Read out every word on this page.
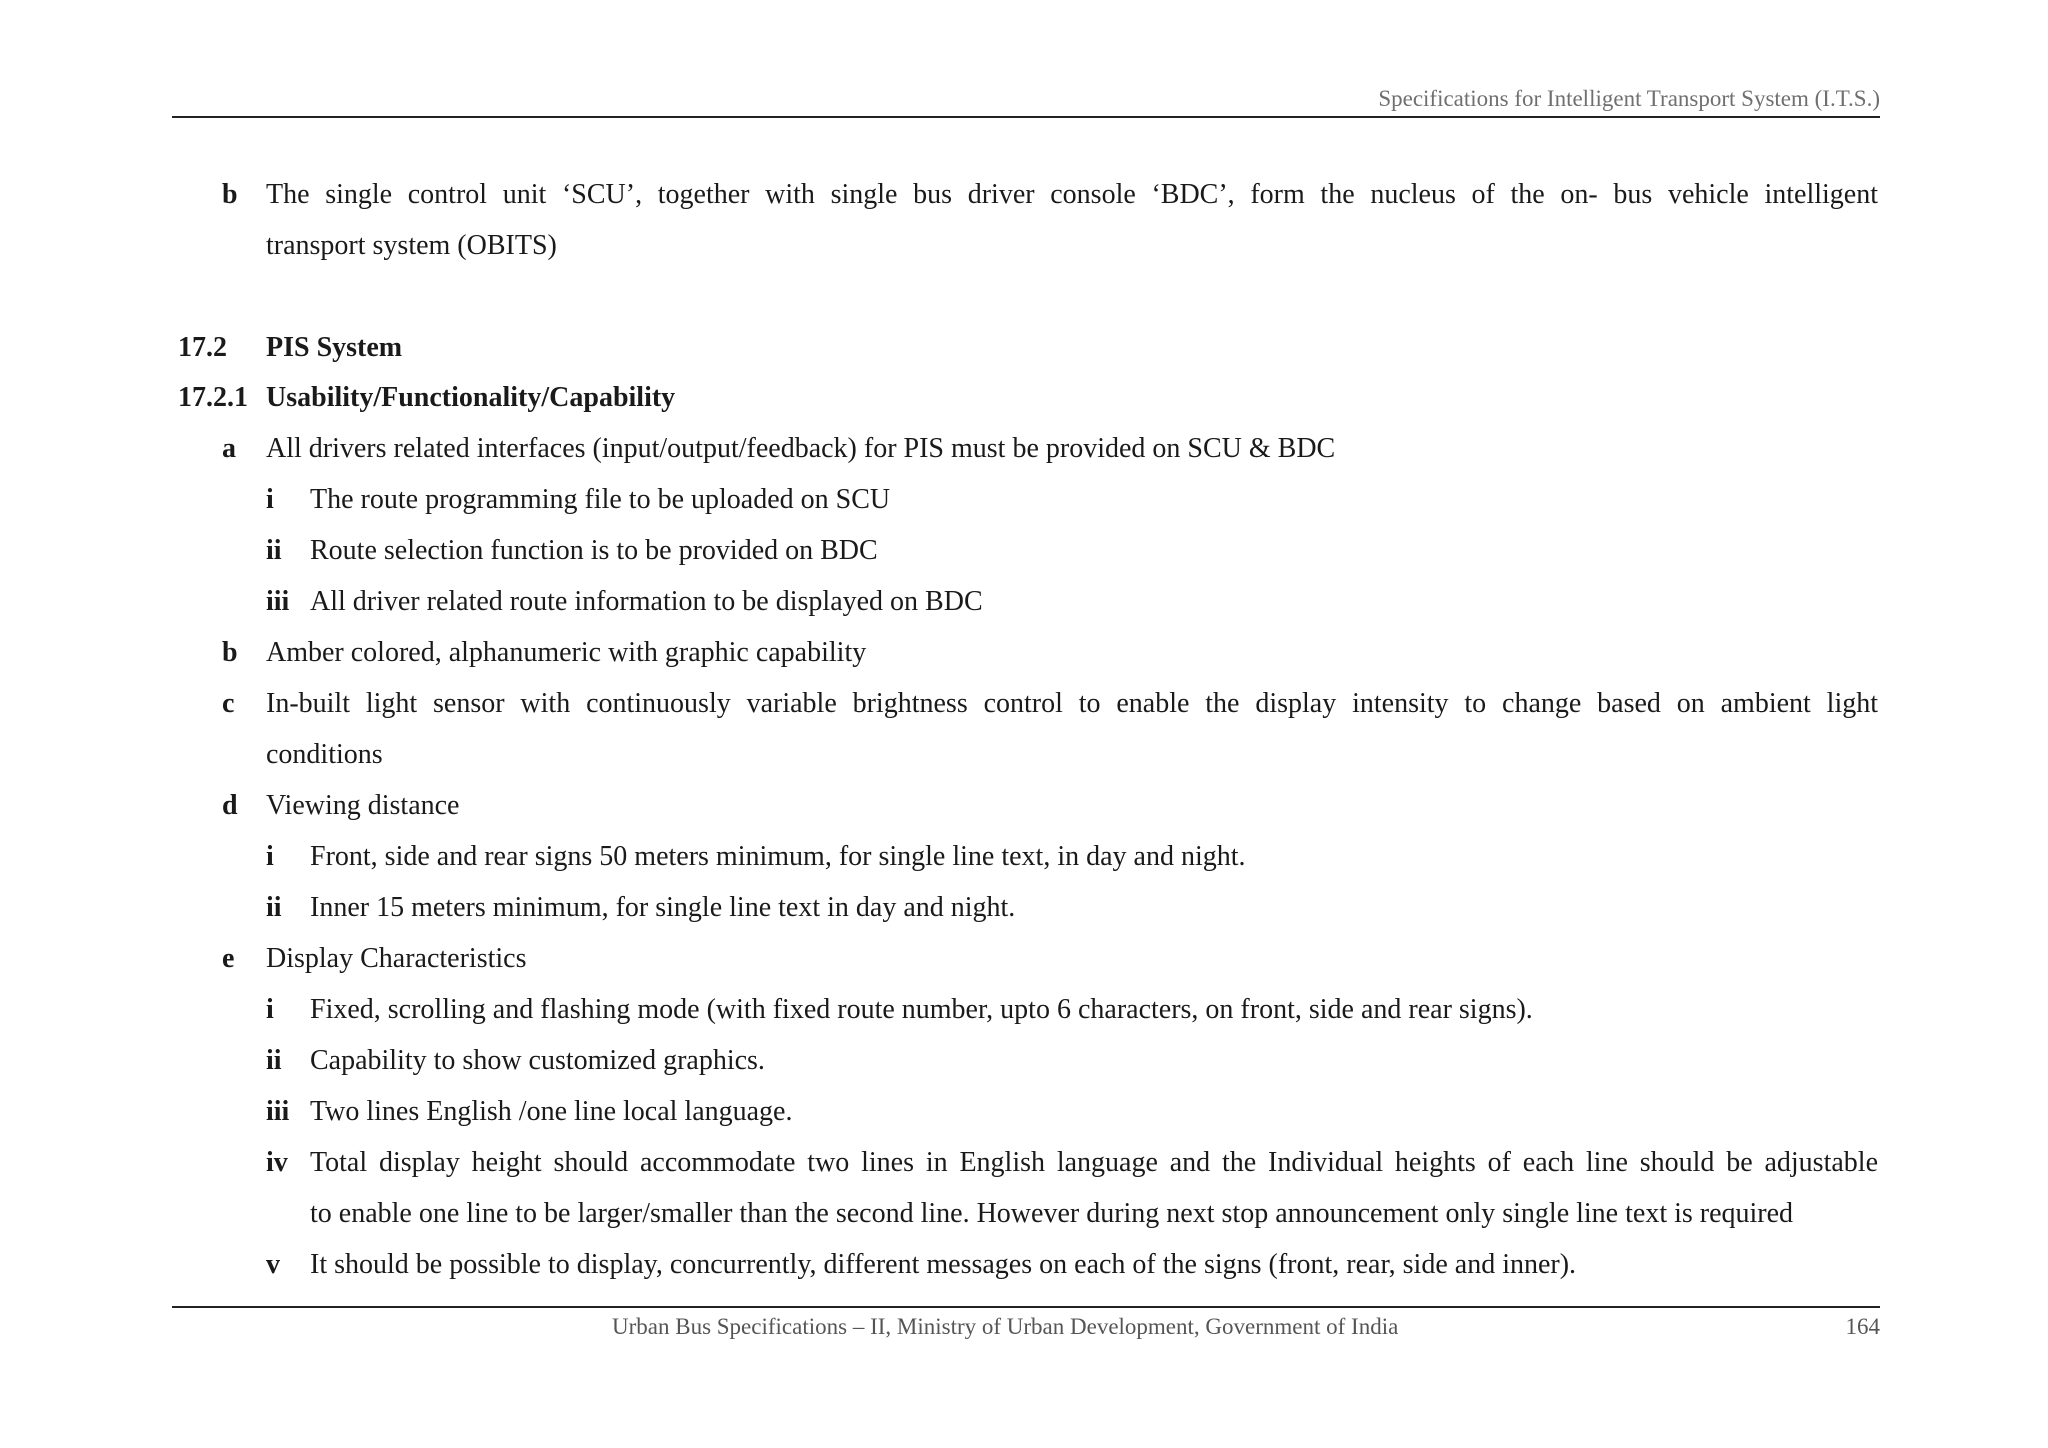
Specifications for Intelligent Transport System (I.T.S.)
b The single control unit ‘SCU’, together with single bus driver console ‘BDC’, form the nucleus of the on- bus vehicle intelligent
transport system (OBITS)
17.2 PIS System
17.2.1 Usability/Functionality/Capability
a All drivers related interfaces (input/output/feedback) for PIS must be provided on SCU & BDC
i The route programming file to be uploaded on SCU
ii Route selection function is to be provided on BDC
iii All driver related route information to be displayed on BDC
b Amber colored, alphanumeric with graphic capability
c In-built light sensor with continuously variable brightness control to enable the display intensity to change based on ambient light
conditions
d Viewing distance
i Front, side and rear signs 50 meters minimum, for single line text, in day and night.
ii Inner 15 meters minimum, for single line text in day and night.
e Display Characteristics
i Fixed, scrolling and flashing mode (with fixed route number, upto 6 characters, on front, side and rear signs).
ii Capability to show customized graphics.
iii Two lines English /one line local language.
iv Total display height should accommodate two lines in English language and the Individual heights of each line should be adjustable
to enable one line to be larger/smaller than the second line. However during next stop announcement only single line text is required
v It should be possible to display, concurrently, different messages on each of the signs (front, rear, side and inner).
Urban Bus Specifications – II, Ministry of Urban Development, Government of India	164
